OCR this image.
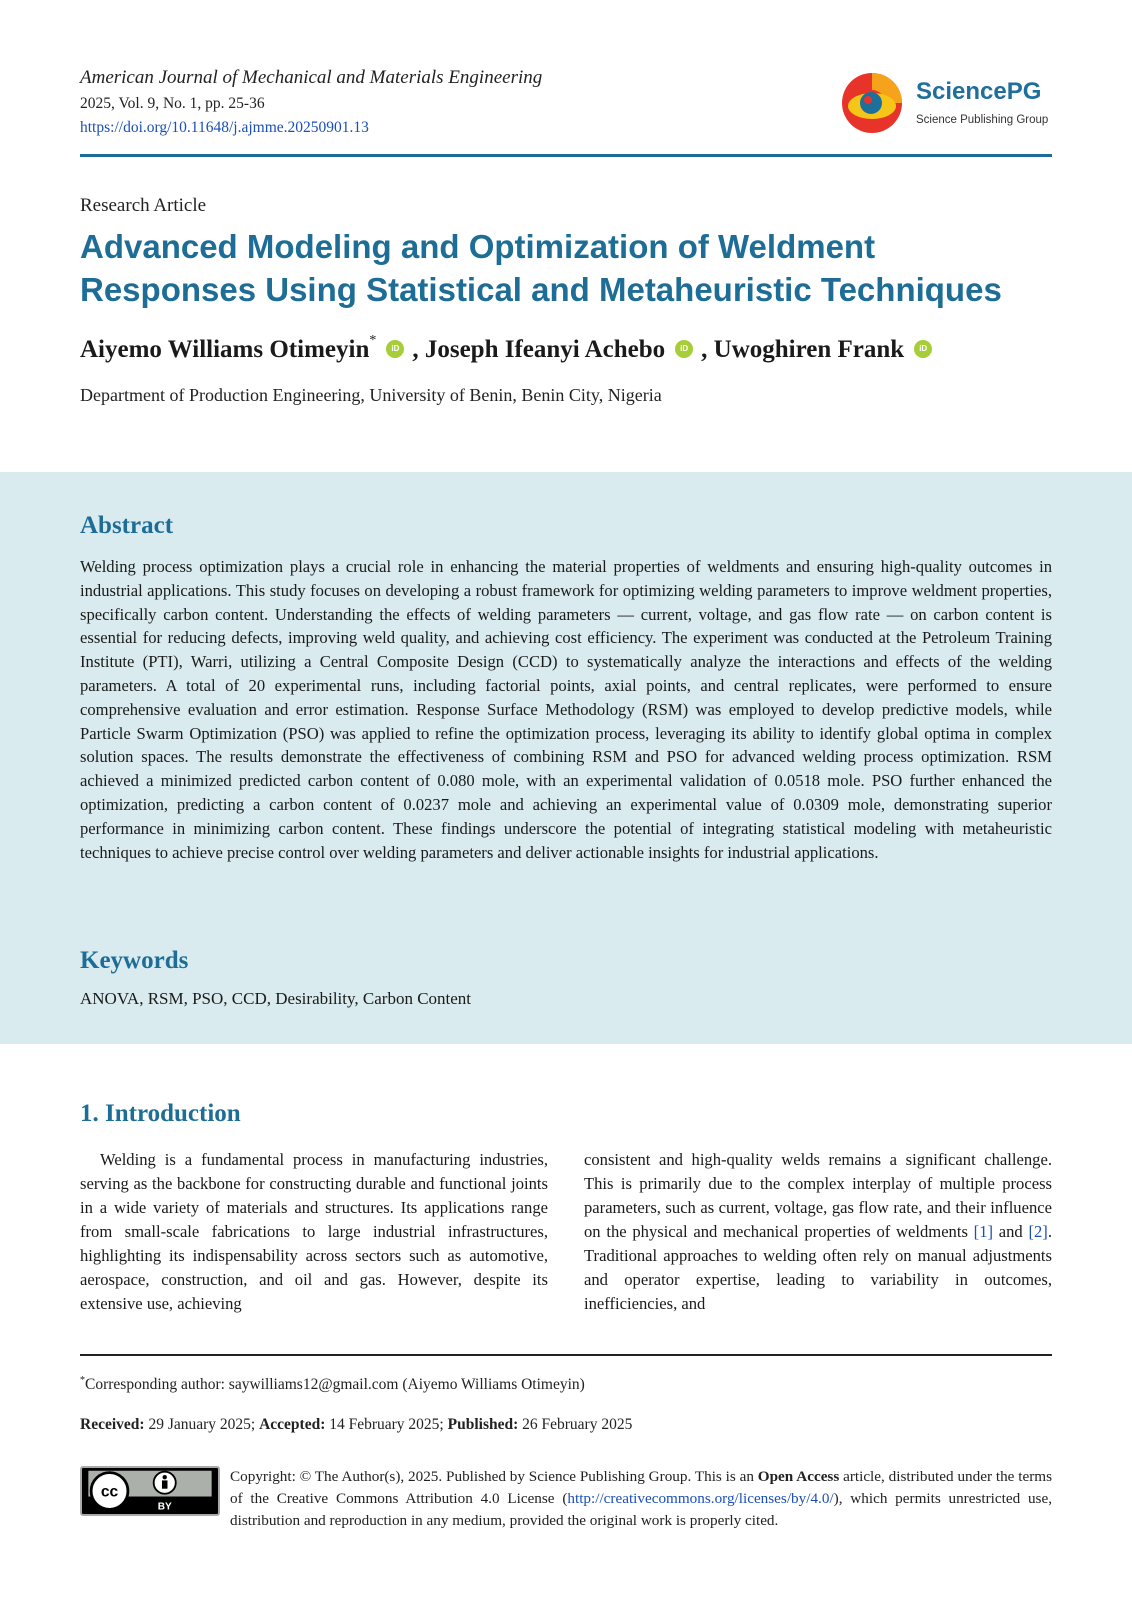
American Journal of Mechanical and Materials Engineering
2025, Vol. 9, No. 1, pp. 25-36
https://doi.org/10.11648/j.ajmme.20250901.13
SciencePG
Science Publishing Group
Research Article
Advanced Modeling and Optimization of Weldment
Responses Using Statistical and Metaheuristic Techniques
Aiyemo Williams Otimeyin*
iD ,
Joseph Ifeanyi Achebo	iD ,
Uwoghiren Frank	iD
Department of Production Engineering, University of Benin, Benin City, Nigeria
Abstract
Welding process optimization plays a crucial role in enhancing the material properties of weldments and ensuring high-quality outcomes in industrial applications. This study focuses on developing a robust framework for optimizing welding parameters to improve weldment properties, specifically carbon content. Understanding the effects of welding parameters — current, voltage, and gas flow rate — on carbon content is essential for reducing defects, improving weld quality, and achieving cost efficiency. The experiment was conducted at the Petroleum Training Institute (PTI), Warri, utilizing a Central Composite Design (CCD) to systematically analyze the interactions and effects of the welding parameters. A total of 20 experimental runs, including factorial points, axial points, and central replicates, were performed to ensure comprehensive evaluation and error estimation. Response Surface Methodology (RSM) was employed to develop predictive models, while Particle Swarm Optimization (PSO) was applied to refine the optimization process, leveraging its ability to identify global optima in complex solution spaces. The results demonstrate the effectiveness of combining RSM and PSO for advanced welding process optimization. RSM achieved a minimized predicted carbon content of 0.080 mole, with an experimental validation of 0.0518 mole. PSO further enhanced the optimization, predicting a carbon content of 0.0237 mole and achieving an experimental value of 0.0309 mole, demonstrating superior performance in minimizing carbon content. These findings underscore the potential of integrating statistical modeling with metaheuristic techniques to achieve precise control over welding parameters and deliver actionable insights for industrial applications.
Keywords
ANOVA, RSM, PSO, CCD, Desirability, Carbon Content
1. Introduction

Welding is a fundamental process in manufacturing industries, serving as the backbone for constructing durable and functional joints in a wide variety of materials and structures. Its applications range from small-scale fabrications to large industrial infrastructures, highlighting its indispensability across sectors such as automotive, aerospace, construction, and oil and gas. However, despite its extensive use, achieving

consistent and high-quality welds remains a significant challenge. This is primarily due to the complex interplay of multiple process parameters, such as current, voltage, gas flow rate, and their influence on the physical and mechanical properties of weldments [1] and [2]. Traditional approaches to welding often rely on manual adjustments and operator expertise, leading to variability in outcomes, inefficiencies, and

*Corresponding author: saywilliams12@gmail.com (Aiyemo Williams Otimeyin)
Received: 29 January 2025; Accepted: 14 February 2025; Published: 26 February 2025
cc
BY
Copyright: © The Author(s), 2025. Published by Science Publishing Group. This is an Open Access article, distributed under the terms of the Creative Commons Attribution 4.0 License (http://creativecommons.org/licenses/by/4.0/), which permits unrestricted use, distribution and reproduction in any medium, provided the original work is properly cited.
